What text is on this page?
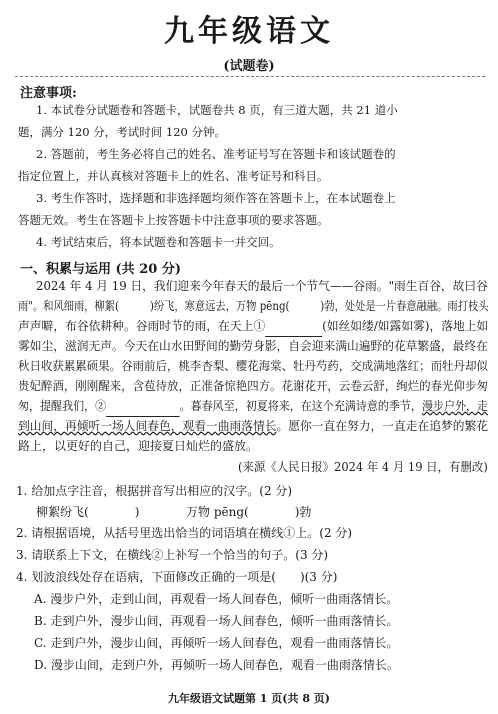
九年级语文
(试题卷)
注意事项:
1. 本试卷分试题卷和答题卡，试题卷共 8 页，有三道大题，共 21 道小
题，满分 120 分，考试时间 120 分钟。
2. 答题前，考生务必将自己的姓名、准考证号写在答题卡和该试题卷的
指定位置上，并认真核对答题卡上的姓名、准考证号和科目。
3. 考生作答时，选择题和非选择题均须作答在答题卡上，在本试题卷上
答题无效。考生在答题卡上按答题卡中注意事项的要求答题。
4. 考试结束后，将本试题卷和答题卡一并交回。
一、积累与运用 (共 20 分)
2024 年 4 月 19 日，我们迎来今年春天的最后一个节气——谷雨。"雨生百谷，故曰谷
雨"。和风细雨，柳絮(	)纷飞，寒意远去，万物 pēng(	)勃，处处是一片春意融融。雨打枝头
声声噼，布谷依耕种。谷雨时节的雨，在天上①	(如丝如缕/如露如雾)，落地上如
雾如尘，滋润无声。今天在山水田野间的勤劳身影，自会迎来满山遍野的花草繁盛，最终在
秋日收获累累硕果。谷雨前后，桃李杏梨、樱花海棠、牡丹芍药，交成满地落红；而牡丹却似
贵妃醉酒，刚刚醒来，含苞待放，正准备惊艳四方。花谢花开，云卷云舒，绚烂的春光仰步匆
匆，提醒我们，②	。暮春风至，初夏将来，在这个充满诗意的季节，漫步户外，走
到山间，再倾听一场人间春色，观看一曲雨落情长。愿你一直在努力，一直走在追梦的繁花
路上，以更好的自己，迎接夏日灿烂的盛放。
(来源《人民日报》2024 年 4 月 19 日，有删改)
1. 给加点字注音，根据拼音写出相应的汉字。(2 分)
柳絮纷飞(	)	万物 pēng(	)勃
2. 请根据语境，从括号里选出恰当的词语填在横线①上。(2 分)
3. 请联系上下文，在横线②上补写一个恰当的句子。(3 分)
4. 划波浪线处存在语病，下面修改正确的一项是(　　)(3 分)
A. 漫步户外，走到山间，再观看一场人间春色，倾听一曲雨落情长。
B. 走到户外，漫步山间，再观看一场人间春色，倾听一曲雨落情长。
C. 走到户外，漫步山间，再倾听一场人间春色，观看一曲雨落情长。
D. 漫步山间，走到户外，再倾听一场人间春色，观看一曲雨落情长。
九年级语文试题第 1 页(共 8 页)
